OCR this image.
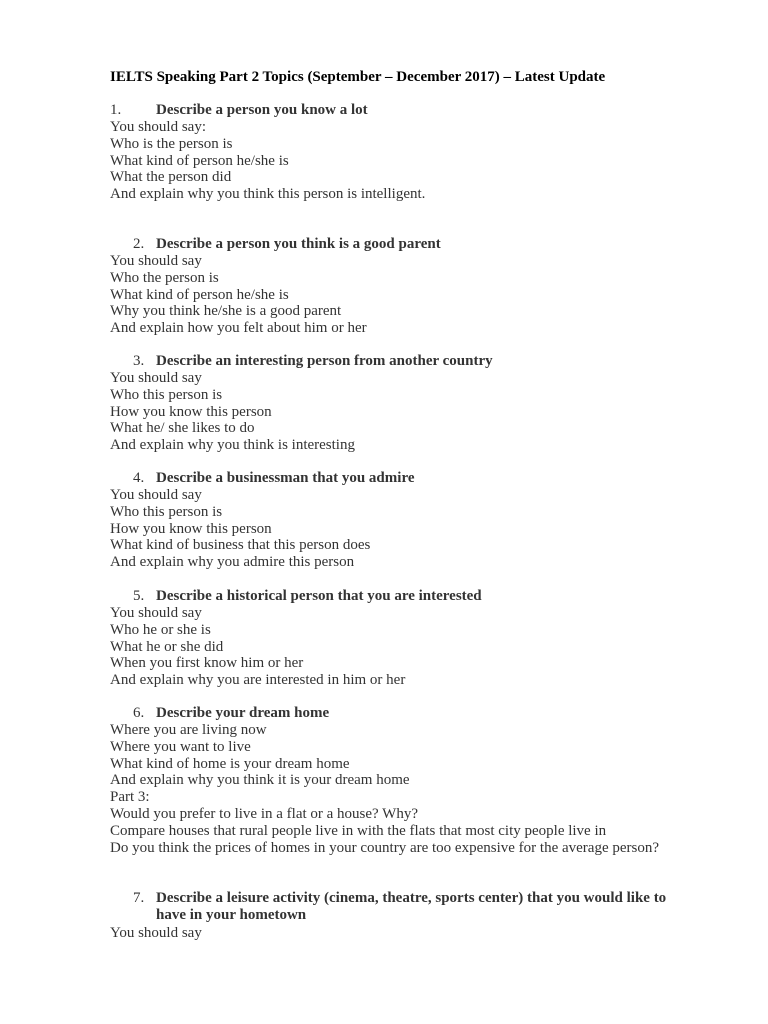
IELTS Speaking Part 2 Topics (September – December 2017) – Latest Update
1. Describe a person you know a lot
You should say:
Who is the person is
What kind of person he/she is
What the person did
And explain why you think this person is intelligent.
2. Describe a person you think is a good parent
You should say
Who the person is
What kind of person he/she is
Why you think he/she is a good parent
And explain how you felt about him or her
3. Describe an interesting person from another country
You should say
Who this person is
How you know this person
What he/ she likes to do
And explain why you think is interesting
4. Describe a businessman that you admire
You should say
Who this person is
How you know this person
What kind of business that this person does
And explain why you admire this person
5. Describe a historical person that you are interested
You should say
Who he or she is
What he or she did
When you first know him or her
And explain why you are interested in him or her
6. Describe your dream home
Where you are living now
Where you want to live
What kind of home is your dream home
And explain why you think it is your dream home
Part 3:
Would you prefer to live in a flat or a house? Why?
Compare houses that rural people live in with the flats that most city people live in
Do you think the prices of homes in your country are too expensive for the average person?
7. Describe a leisure activity (cinema, theatre, sports center) that you would like to have in your hometown
You should say
